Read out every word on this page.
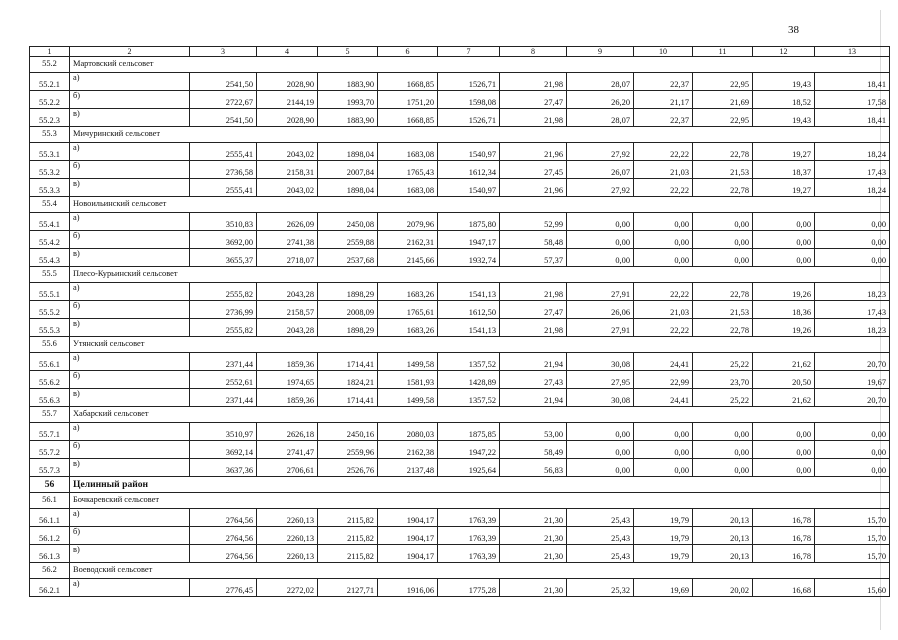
38
1	2	3	4	5	6	7	8	9	10	11	12	13
55.2	Мартовский сельсовет											
55.2.1	а)	2541,50	2028,90	1883,90	1668,85	1526,71	21,98	28,07	22,37	22,95	19,43	18,41
55.2.2	б)	2722,67	2144,19	1993,70	1751,20	1598,08	27,47	26,20	21,17	21,69	18,52	17,58
55.2.3	в)	2541,50	2028,90	1883,90	1668,85	1526,71	21,98	28,07	22,37	22,95	19,43	18,41
55.3	Мичуринский сельсовет											
55.3.1	а)	2555,41	2043,02	1898,04	1683,08	1540,97	21,96	27,92	22,22	22,78	19,27	18,24
55.3.2	б)	2736,58	2158,31	2007,84	1765,43	1612,34	27,45	26,07	21,03	21,53	18,37	17,43
55.3.3	в)	2555,41	2043,02	1898,04	1683,08	1540,97	21,96	27,92	22,22	22,78	19,27	18,24
55.4	Новоильинский сельсовет											
55.4.1	а)	3510,83	2626,09	2450,08	2079,96	1875,80	52,99	0,00	0,00	0,00	0,00	0,00
55.4.2	б)	3692,00	2741,38	2559,88	2162,31	1947,17	58,48	0,00	0,00	0,00	0,00	0,00
55.4.3	в)	3655,37	2718,07	2537,68	2145,66	1932,74	57,37	0,00	0,00	0,00	0,00	0,00
55.5	Плесо-Курьинский сельсовет											
55.5.1	а)	2555,82	2043,28	1898,29	1683,26	1541,13	21,98	27,91	22,22	22,78	19,26	18,23
55.5.2	б)	2736,99	2158,57	2008,09	1765,61	1612,50	27,47	26,06	21,03	21,53	18,36	17,43
55.5.3	в)	2555,82	2043,28	1898,29	1683,26	1541,13	21,98	27,91	22,22	22,78	19,26	18,23
55.6	Утянский сельсовет											
55.6.1	а)	2371,44	1859,36	1714,41	1499,58	1357,52	21,94	30,08	24,41	25,22	21,62	20,70
55.6.2	б)	2552,61	1974,65	1824,21	1581,93	1428,89	27,43	27,95	22,99	23,70	20,50	19,67
55.6.3	в)	2371,44	1859,36	1714,41	1499,58	1357,52	21,94	30,08	24,41	25,22	21,62	20,70
55.7	Хабарский сельсовет											
55.7.1	а)	3510,97	2626,18	2450,16	2080,03	1875,85	53,00	0,00	0,00	0,00	0,00	0,00
55.7.2	б)	3692,14	2741,47	2559,96	2162,38	1947,22	58,49	0,00	0,00	0,00	0,00	0,00
55.7.3	в)	3637,36	2706,61	2526,76	2137,48	1925,64	56,83	0,00	0,00	0,00	0,00	0,00
56	Целинный район											
56.1	Бочкаревский сельсовет											
56.1.1	а)	2764,56	2260,13	2115,82	1904,17	1763,39	21,30	25,43	19,79	20,13	16,78	15,70
56.1.2	б)	2764,56	2260,13	2115,82	1904,17	1763,39	21,30	25,43	19,79	20,13	16,78	15,70
56.1.3	в)	2764,56	2260,13	2115,82	1904,17	1763,39	21,30	25,43	19,79	20,13	16,78	15,70
56.2	Воеводский сельсовет											
56.2.1	а)	2776,45	2272,02	2127,71	1916,06	1775,28	21,30	25,32	19,69	20,02	16,68	15,60
